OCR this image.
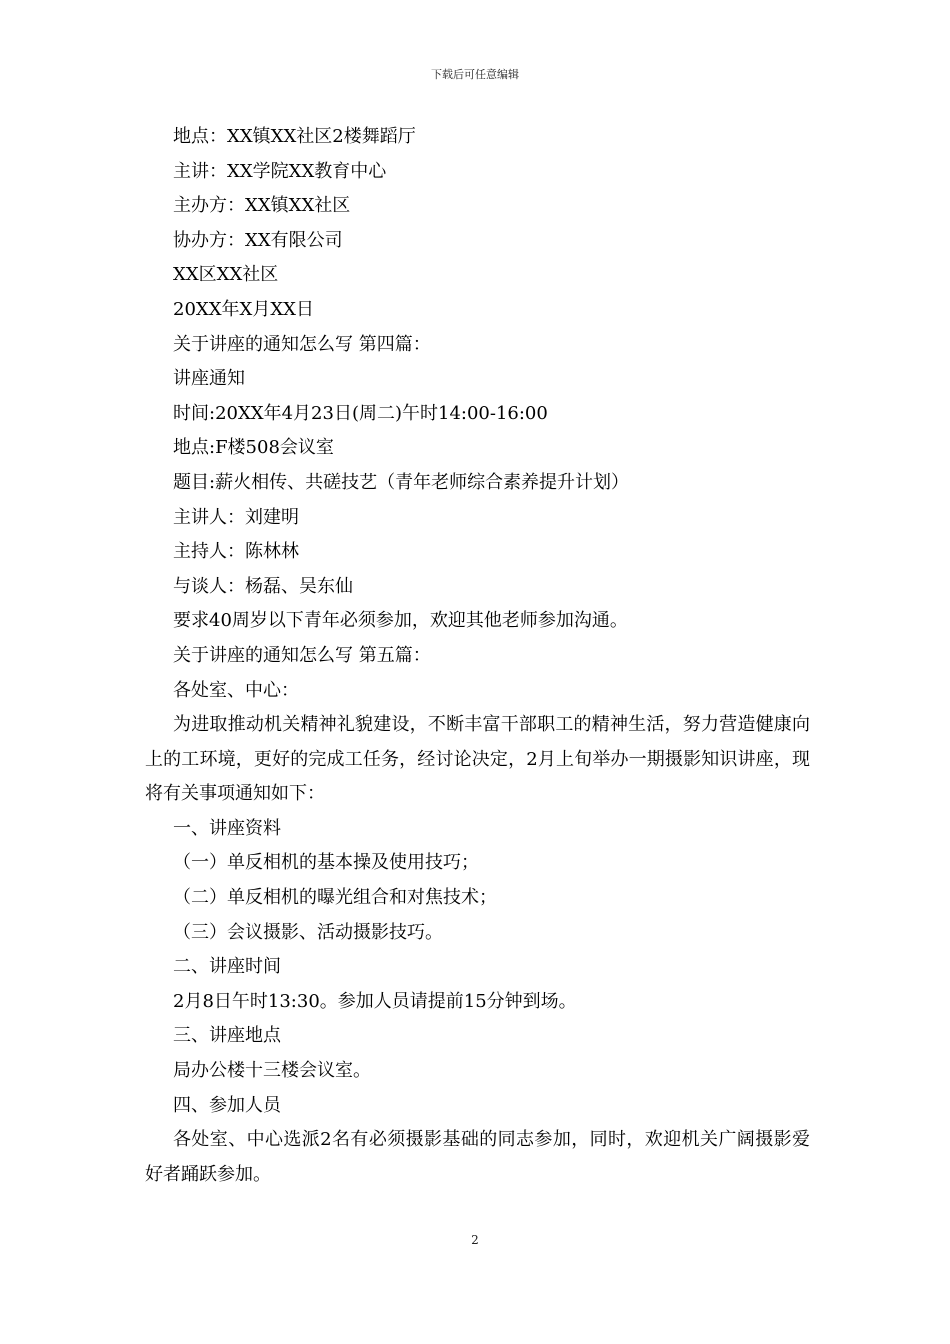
下载后可任意编辑
地点：XX镇XX社区2楼舞蹈厅
主讲：XX学院XX教育中心
主办方：XX镇XX社区
协办方：XX有限公司
XX区XX社区
20XX年X月XX日
关于讲座的通知怎么写 第四篇：
讲座通知
时间:20XX年4月23日(周二)午时14:00-16:00
地点:F楼508会议室
题目:薪火相传、共磋技艺（青年老师综合素养提升计划）
主讲人：刘建明
主持人：陈林林
与谈人：杨磊、吴东仙
要求40周岁以下青年必须参加，欢迎其他老师参加沟通。
关于讲座的通知怎么写 第五篇：
各处室、中心：
为进取推动机关精神礼貌建设，不断丰富干部职工的精神生活，努力营造健康向上的工环境，更好的完成工任务，经讨论决定，2月上旬举办一期摄影知识讲座，现将有关事项通知如下：
一、讲座资料
（一）单反相机的基本操及使用技巧；
（二）单反相机的曝光组合和对焦技术；
（三）会议摄影、活动摄影技巧。
二、讲座时间
2月8日午时13:30。参加人员请提前15分钟到场。
三、讲座地点
局办公楼十三楼会议室。
四、参加人员
各处室、中心选派2名有必须摄影基础的同志参加，同时，欢迎机关广阔摄影爱好者踊跃参加。
2
